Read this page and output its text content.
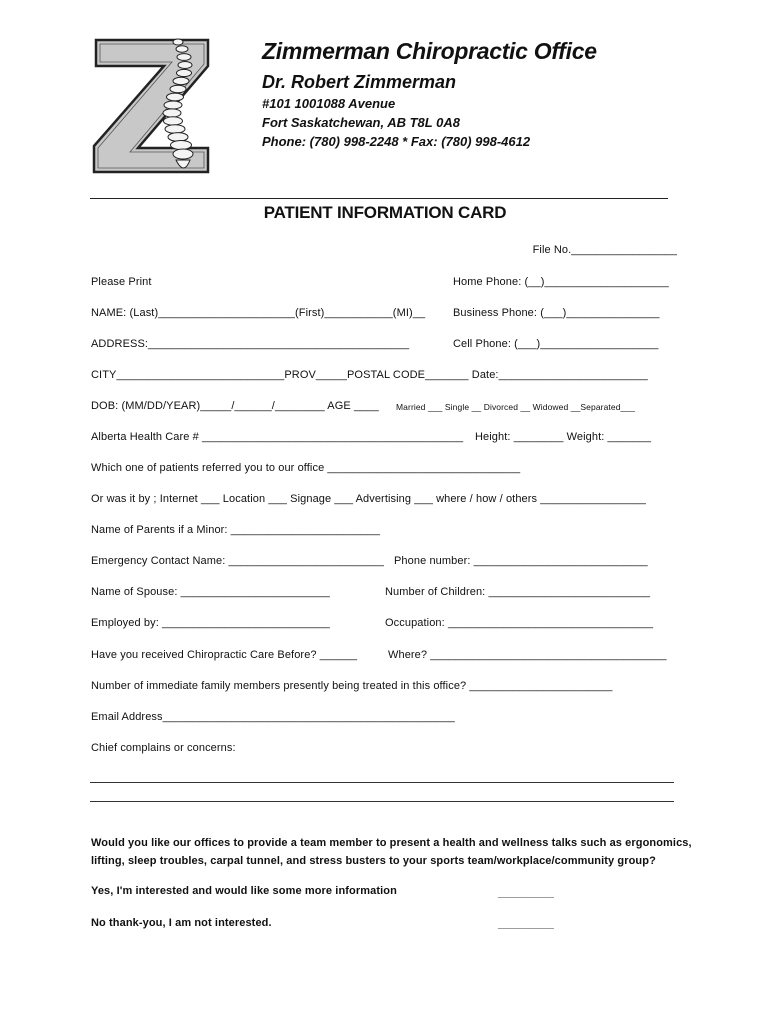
Zimmerman Chiropractic Office
Dr. Robert Zimmerman
#101 1001088 Avenue
Fort Saskatchewan, AB T8L 0A8
Phone: (780) 998-2248 * Fax: (780) 998-4612
PATIENT INFORMATION CARD
File No._________________
Please Print	Home Phone: (__)____________________
NAME: (Last)______________________(First)___________(MI)__	Business Phone: (___)_______________
ADDRESS:__________________________________________	Cell Phone: (___)___________________
CITY___________________________PROV_____POSTAL CODE_______ Date:________________________
DOB: (MM/DD/YEAR)_____/______/________ AGE ____ Married ___ Single __ Divorced __ Widowed __Separated___
Alberta Health Care # __________________________________________ Height: ________ Weight: _______
Which one of patients referred you to our office _______________________________
Or was it by ; Internet ___ Location ___ Signage ___ Advertising ___ where / how / others _________________
Name of Parents if a Minor: ________________________
Emergency Contact Name: _________________________ Phone number: ____________________________
Name of Spouse: ________________________	Number of Children: __________________________
Employed by: ___________________________	Occupation: _________________________________
Have you received Chiropractic Care Before? ______	Where? ______________________________________
Number of immediate family members presently being treated in this office? _______________________
Email Address_______________________________________________
Chief complains or concerns:
Would you like our offices to provide a team member to present a health and wellness talks such as ergonomics,
lifting, sleep troubles, carpal tunnel, and stress busters to your sports team/workplace/community group?
Yes, I'm interested and would like some more information	_________
No thank-you, I am not interested.	_________
